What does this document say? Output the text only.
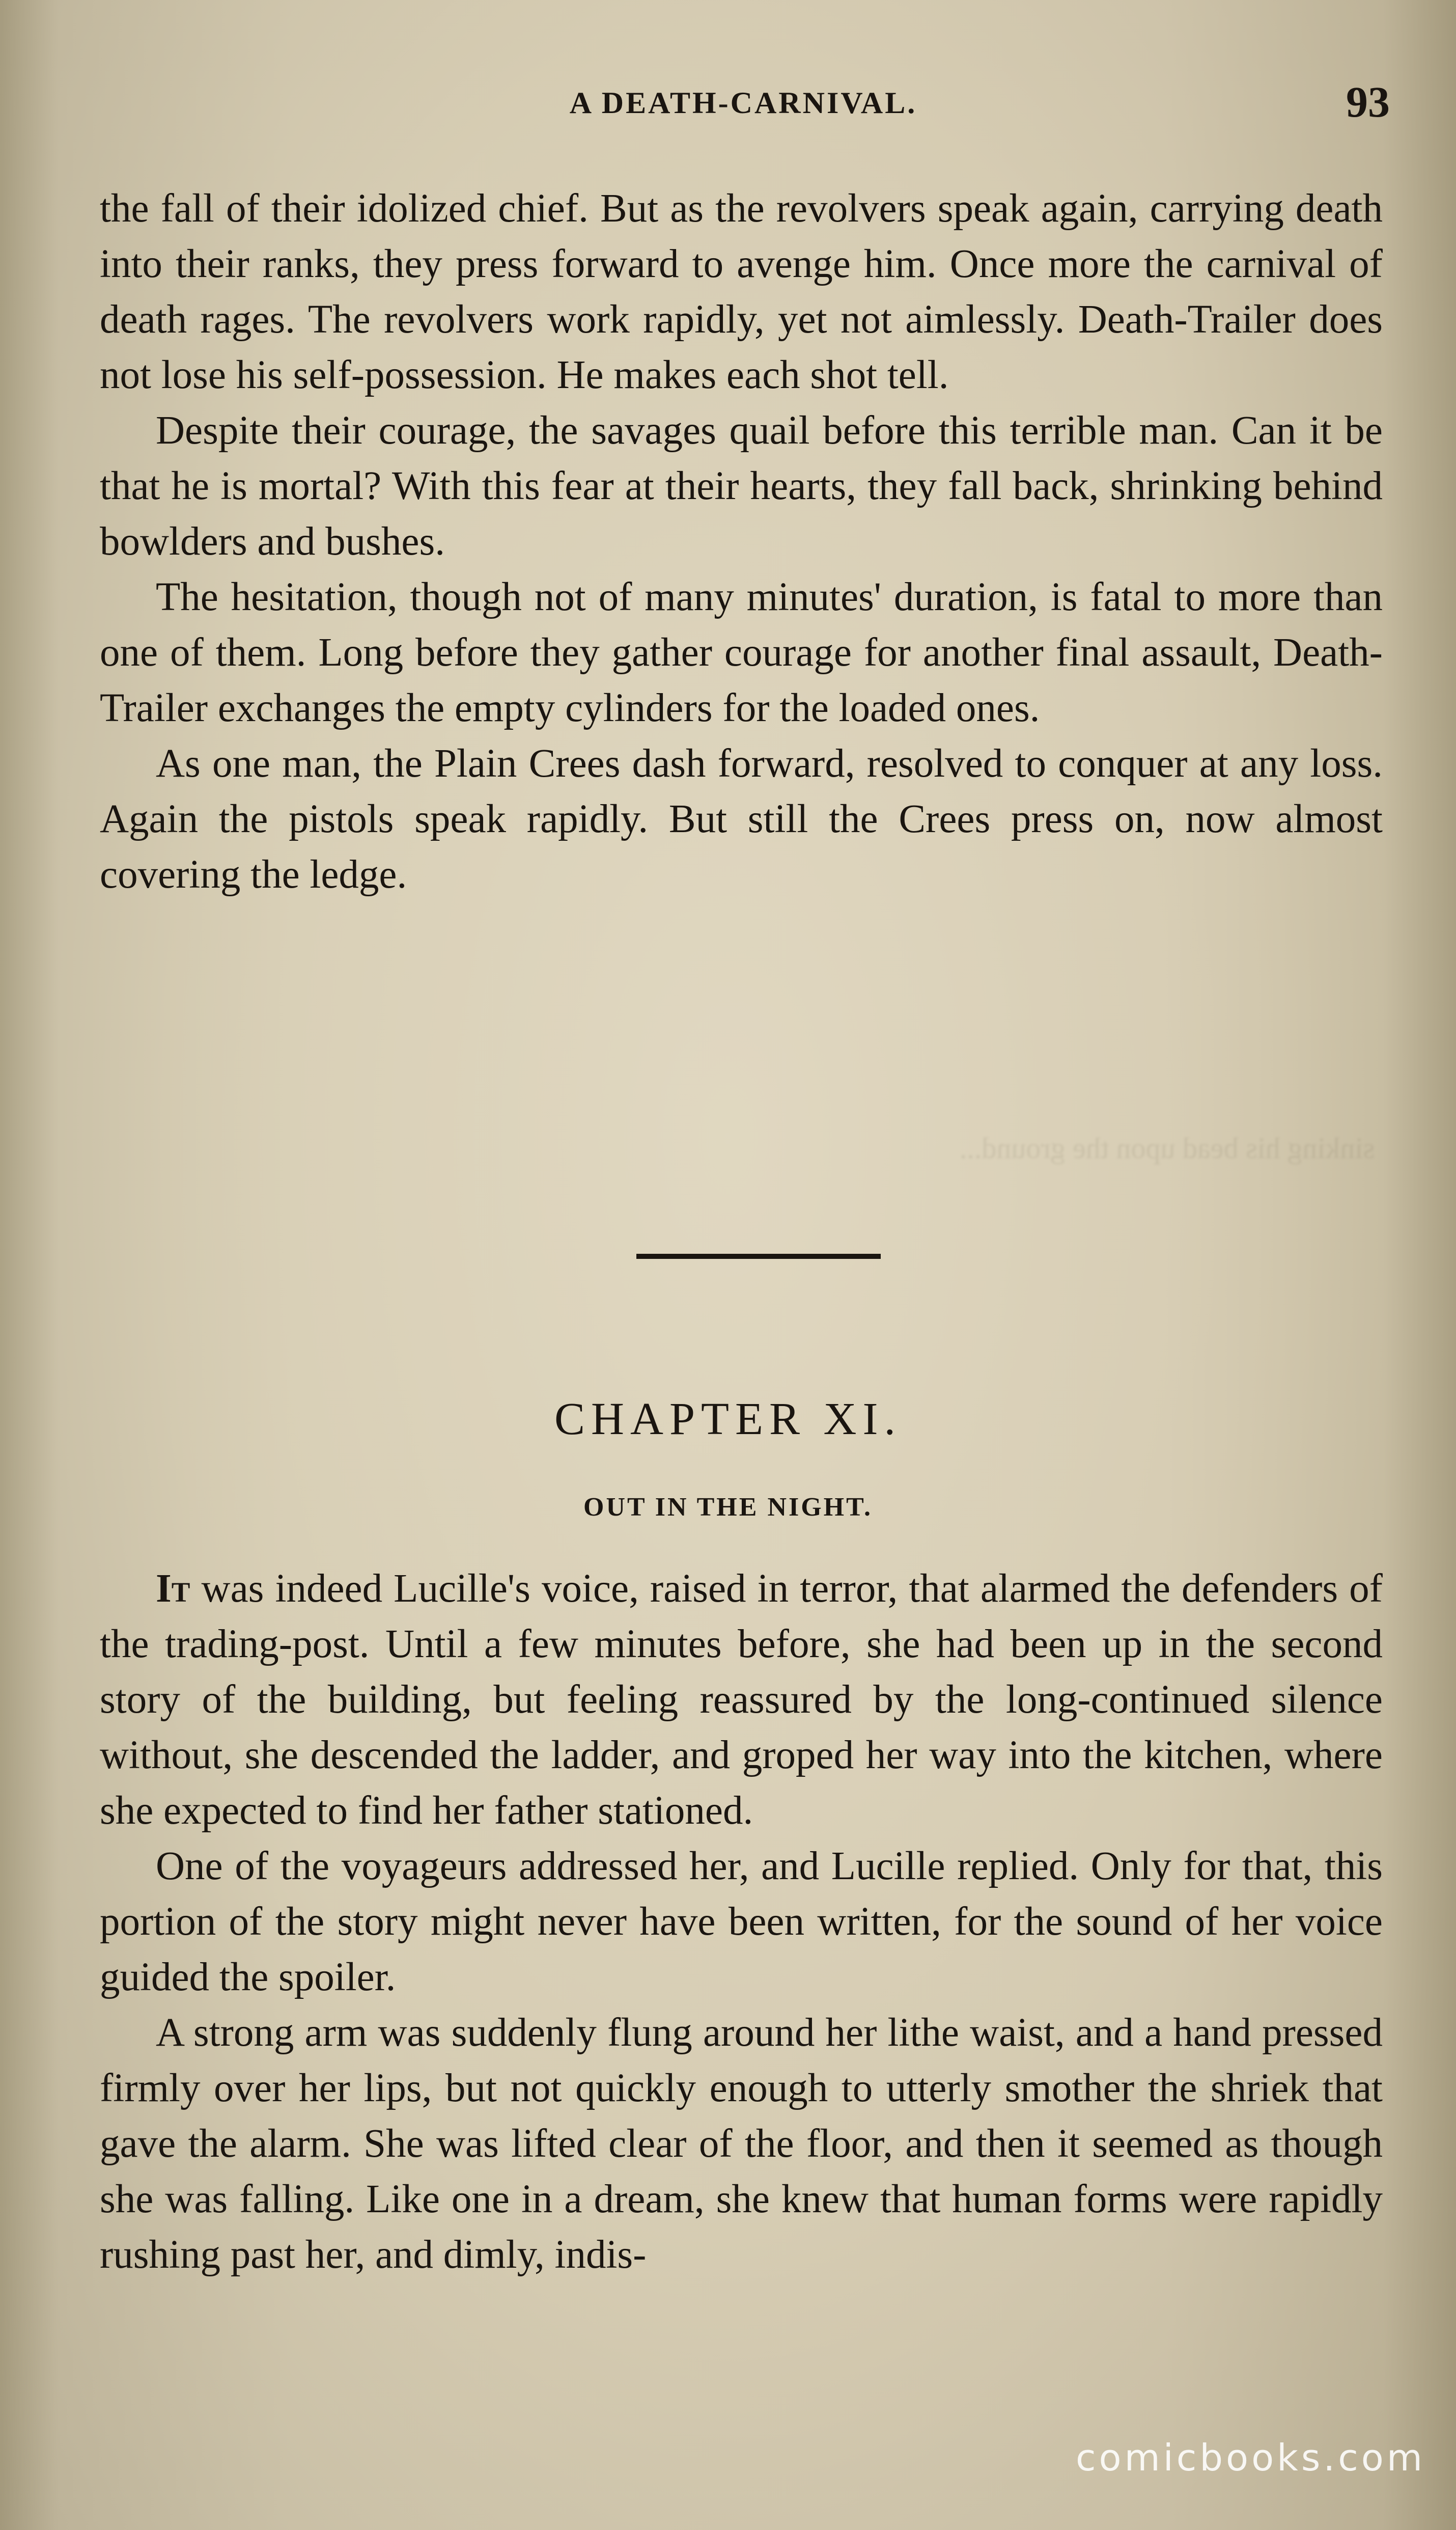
sinking his bead upon the ground...
A DEATH-CARNIVAL.	93

the fall of their idolized chief. But as the revolvers speak again, carrying death into their ranks, they press forward to avenge him. Once more the carnival of death rages. The revolvers work rapidly, yet not aimlessly. Death-Trailer does not lose his self-possession. He makes each shot tell.

Despite their courage, the savages quail before this terrible man. Can it be that he is mortal? With this fear at their hearts, they fall back, shrinking behind bowlders and bushes.

The hesitation, though not of many minutes' duration, is fatal to more than one of them. Long before they gather courage for another final assault, Death-Trailer exchanges the empty cylinders for the loaded ones.

As one man, the Plain Crees dash forward, resolved to conquer at any loss. Again the pistols speak rapidly. But still the Crees press on, now almost covering the ledge.

CHAPTER XI.
OUT IN THE NIGHT.

It was indeed Lucille's voice, raised in terror, that alarmed the defenders of the trading-post. Until a few minutes before, she had been up in the second story of the building, but feeling reassured by the long-continued silence without, she descended the ladder, and groped her way into the kitchen, where she expected to find her father stationed.

One of the voyageurs addressed her, and Lucille replied. Only for that, this portion of the story might never have been written, for the sound of her voice guided the spoiler.

A strong arm was suddenly flung around her lithe waist, and a hand pressed firmly over her lips, but not quickly enough to utterly smother the shriek that gave the alarm. She was lifted clear of the floor, and then it seemed as though she was falling. Like one in a dream, she knew that human forms were rapidly rushing past her, and dimly, indis-

comicbooks.com
